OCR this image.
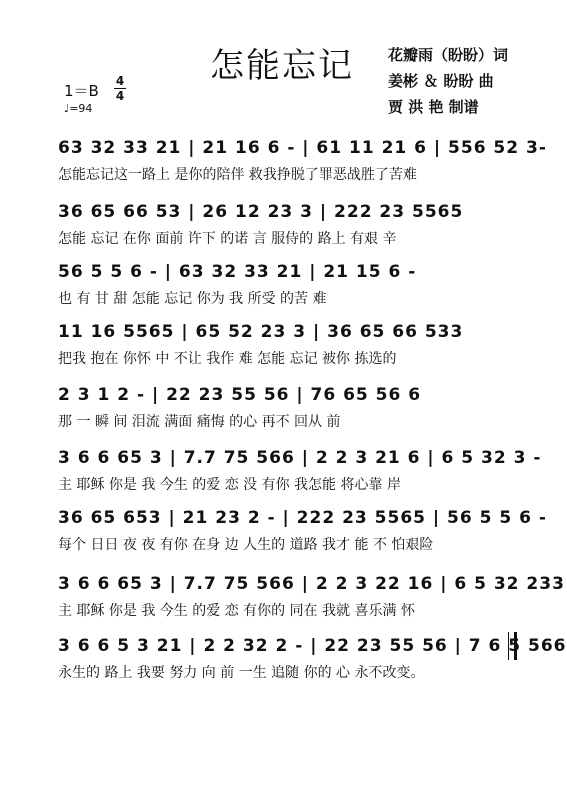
怎能忘记 花瓣雨（盼盼）词
姜彬 ＆ 盼盼 曲
贾 洪 艳 制谱
1＝B
4
4
♩=94
63 32 33 21 | 21 16 6 - | 61 11 21 6 | 556 52 3-
怎能忘记这一路上 是你的陪伴 救我挣脱了罪恶战胜了苦难
36 65 66 53 | 26 12 23 3 | 222 23 5565
怎能 忘记 在你 面前 许下 的诺 言 服侍的 路上 有艰 辛
56 5 5 6 - | 63 32 33 21 | 21 15 6 -
也 有 甘 甜 怎能 忘记 你为 我 所受 的苦 难
11 16 5565 | 65 52 23 3 | 36 65 66 533
把我 抱在 你怀 中 不让 我作 难 怎能 忘记 被你 拣选的
2 3 1 2 - | 22 23 55 56 | 76 65 56 6
那 一 瞬 间 泪流 满面 痛悔 的心 再不 回从 前
3 6 6 65 3 | 7.7 75 566 | 2 2 3 21 6 | 6 5 32 3 -
主 耶稣 你是 我 今生 的爱 恋 没 有你 我怎能 将心靠 岸
36 65 653 | 21 23 2 - | 222 23 5565 | 56 5 5 6 -
每个 日日 夜 夜 有你 在身 边 人生的 道路 我才 能 不 怕艰险
3 6 6 65 3 | 7.7 75 566 | 2 2 3 22 16 | 6 5 32 233
主 耶稣 你是 我 今生 的爱 恋 有你的 同在 我就 喜乐满 怀
3 6 6 5 3 21 | 2 2 32 2 - | 22 23 55 56 | 7 6 5 566
永生的 路上 我要 努力 向 前 一生 追随 你的 心 永不改变。
